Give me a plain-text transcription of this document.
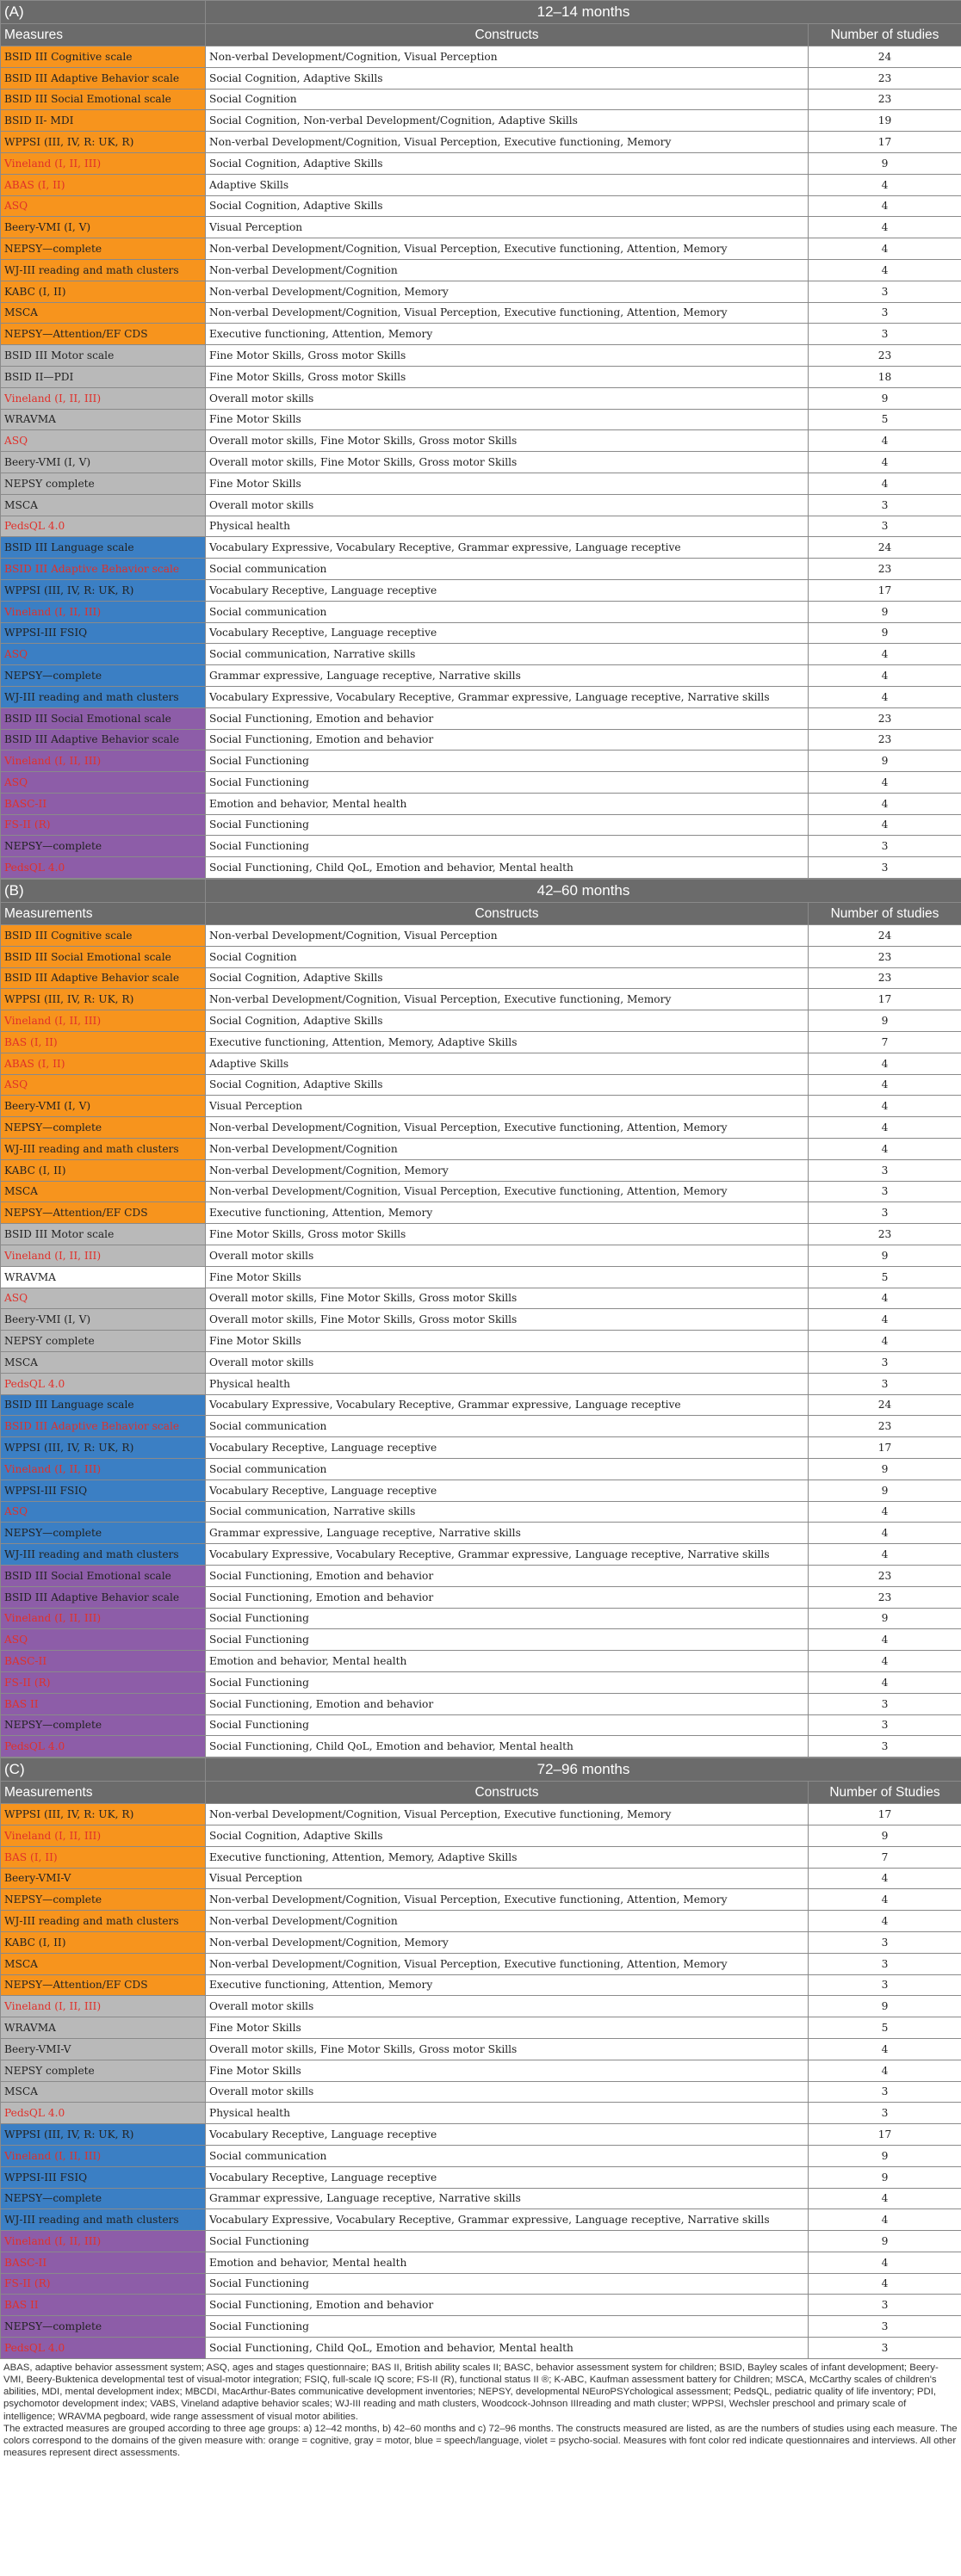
(A)	12–14 months	
Measures	Constructs	Number of studies
BSID III Cognitive scale	Non-verbal Development/Cognition, Visual Perception	24
BSID III Adaptive Behavior scale	Social Cognition, Adaptive Skills	23
BSID III Social Emotional scale	Social Cognition	23
BSID II- MDI	Social Cognition, Non-verbal Development/Cognition, Adaptive Skills	19
WPPSI (III, IV, R: UK, R)	Non-verbal Development/Cognition, Visual Perception, Executive functioning, Memory	17
Vineland (I, II, III)	Social Cognition, Adaptive Skills	9
ABAS (I, II)	Adaptive Skills	4
ASQ	Social Cognition, Adaptive Skills	4
Beery-VMI (I, V)	Visual Perception	4
NEPSY—complete	Non-verbal Development/Cognition, Visual Perception, Executive functioning, Attention, Memory	4
WJ-III reading and math clusters	Non-verbal Development/Cognition	4
KABC (I, II)	Non-verbal Development/Cognition, Memory	3
MSCA	Non-verbal Development/Cognition, Visual Perception, Executive functioning, Attention, Memory	3
NEPSY—Attention/EF CDS	Executive functioning, Attention, Memory	3
BSID III Motor scale	Fine Motor Skills, Gross motor Skills	23
BSID II—PDI	Fine Motor Skills, Gross motor Skills	18
Vineland (I, II, III)	Overall motor skills	9
WRAVMA	Fine Motor Skills	5
ASQ	Overall motor skills, Fine Motor Skills, Gross motor Skills	4
Beery-VMI (I, V)	Overall motor skills, Fine Motor Skills, Gross motor Skills	4
NEPSY complete	Fine Motor Skills	4
MSCA	Overall motor skills	3
PedsQL 4.0	Physical health	3
BSID III Language scale	Vocabulary Expressive, Vocabulary Receptive, Grammar expressive, Language receptive	24
BSID III Adaptive Behavior scale	Social communication	23
WPPSI (III, IV, R: UK, R)	Vocabulary Receptive, Language receptive	17
Vineland (I, II, III)	Social communication	9
WPPSI-III FSIQ	Vocabulary Receptive, Language receptive	9
ASQ	Social communication, Narrative skills	4
NEPSY—complete	Grammar expressive, Language receptive, Narrative skills	4
WJ-III reading and math clusters	Vocabulary Expressive, Vocabulary Receptive, Grammar expressive, Language receptive, Narrative skills	4
BSID III Social Emotional scale	Social Functioning, Emotion and behavior	23
BSID III Adaptive Behavior scale	Social Functioning, Emotion and behavior	23
Vineland (I, II, III)	Social Functioning	9
ASQ	Social Functioning	4
BASC-II	Emotion and behavior, Mental health	4
FS-II (R)	Social Functioning	4
NEPSY—complete	Social Functioning	3
PedsQL 4.0	Social Functioning, Child QoL, Emotion and behavior, Mental health	3
(B)	42–60 months	
Measurements	Constructs	Number of studies
BSID III Cognitive scale	Non-verbal Development/Cognition, Visual Perception	24
BSID III Social Emotional scale	Social Cognition	23
BSID III Adaptive Behavior scale	Social Cognition, Adaptive Skills	23
WPPSI (III, IV, R: UK, R)	Non-verbal Development/Cognition, Visual Perception, Executive functioning, Memory	17
Vineland (I, II, III)	Social Cognition, Adaptive Skills	9
BAS (I, II)	Executive functioning, Attention, Memory, Adaptive Skills	7
ABAS (I, II)	Adaptive Skills	4
ASQ	Social Cognition, Adaptive Skills	4
Beery-VMI (I, V)	Visual Perception	4
NEPSY—complete	Non-verbal Development/Cognition, Visual Perception, Executive functioning, Attention, Memory	4
WJ-III reading and math clusters	Non-verbal Development/Cognition	4
KABC (I, II)	Non-verbal Development/Cognition, Memory	3
MSCA	Non-verbal Development/Cognition, Visual Perception, Executive functioning, Attention, Memory	3
NEPSY—Attention/EF CDS	Executive functioning, Attention, Memory	3
BSID III Motor scale	Fine Motor Skills, Gross motor Skills	23
Vineland (I, II, III)	Overall motor skills	9
WRAVMA	Fine Motor Skills	5
ASQ	Overall motor skills, Fine Motor Skills, Gross motor Skills	4
Beery-VMI (I, V)	Overall motor skills, Fine Motor Skills, Gross motor Skills	4
NEPSY complete	Fine Motor Skills	4
MSCA	Overall motor skills	3
PedsQL 4.0	Physical health	3
BSID III Language scale	Vocabulary Expressive, Vocabulary Receptive, Grammar expressive, Language receptive	24
BSID III Adaptive Behavior scale	Social communication	23
WPPSI (III, IV, R: UK, R)	Vocabulary Receptive, Language receptive	17
Vineland (I, II, III)	Social communication	9
WPPSI-III FSIQ	Vocabulary Receptive, Language receptive	9
ASQ	Social communication, Narrative skills	4
NEPSY—complete	Grammar expressive, Language receptive, Narrative skills	4
WJ-III reading and math clusters	Vocabulary Expressive, Vocabulary Receptive, Grammar expressive, Language receptive, Narrative skills	4
BSID III Social Emotional scale	Social Functioning, Emotion and behavior	23
BSID III Adaptive Behavior scale	Social Functioning, Emotion and behavior	23
Vineland (I, II, III)	Social Functioning	9
ASQ	Social Functioning	4
BASC-II	Emotion and behavior, Mental health	4
FS-II (R)	Social Functioning	4
BAS II	Social Functioning, Emotion and behavior	3
NEPSY—complete	Social Functioning	3
PedsQL 4.0	Social Functioning, Child QoL, Emotion and behavior, Mental health	3
(C)	72–96 months	
Measurements	Constructs	Number of Studies
WPPSI (III, IV, R: UK, R)	Non-verbal Development/Cognition, Visual Perception, Executive functioning, Memory	17
Vineland (I, II, III)	Social Cognition, Adaptive Skills	9
BAS (I, II)	Executive functioning, Attention, Memory, Adaptive Skills	7
Beery-VMI-V	Visual Perception	4
NEPSY—complete	Non-verbal Development/Cognition, Visual Perception, Executive functioning, Attention, Memory	4
WJ-III reading and math clusters	Non-verbal Development/Cognition	4
KABC (I, II)	Non-verbal Development/Cognition, Memory	3
MSCA	Non-verbal Development/Cognition, Visual Perception, Executive functioning, Attention, Memory	3
NEPSY—Attention/EF CDS	Executive functioning, Attention, Memory	3
Vineland (I, II, III)	Overall motor skills	9
WRAVMA	Fine Motor Skills	5
Beery-VMI-V	Overall motor skills, Fine Motor Skills, Gross motor Skills	4
NEPSY complete	Fine Motor Skills	4
MSCA	Overall motor skills	3
PedsQL 4.0	Physical health	3
WPPSI (III, IV, R: UK, R)	Vocabulary Receptive, Language receptive	17
Vineland (I, II, III)	Social communication	9
WPPSI-III FSIQ	Vocabulary Receptive, Language receptive	9
NEPSY—complete	Grammar expressive, Language receptive, Narrative skills	4
WJ-III reading and math clusters	Vocabulary Expressive, Vocabulary Receptive, Grammar expressive, Language receptive, Narrative skills	4
Vineland (I, II, III)	Social Functioning	9
BASC-II	Emotion and behavior, Mental health	4
FS-II (R)	Social Functioning	4
BAS II	Social Functioning, Emotion and behavior	3
NEPSY—complete	Social Functioning	3
PedsQL 4.0	Social Functioning, Child QoL, Emotion and behavior, Mental health	3

ABAS, adaptive behavior assessment system; ASQ, ages and stages questionnaire; BAS II, British ability scales II; BASC, behavior assessment system for children; BSID, Bayley scales of infant development; Beery-VMI, Beery-Buktenica developmental test of visual-motor integration; FSIQ, full-scale IQ score; FS-II (R), functional status II ®; K-ABC, Kaufman assessment battery for Children; MSCA, McCarthy scales of children's abilities, MDI, mental development index; MBCDI, MacArthur-Bates communicative development inventories; NEPSY, developmental NEuroPSYchological assessment; PedsQL, pediatric quality of life inventory; PDI, psychomotor development index; VABS, Vineland adaptive behavior scales; WJ-III reading and math clusters, Woodcock-Johnson IIIreading and math cluster; WPPSI, Wechsler preschool and primary scale of intelligence; WRAVMA pegboard, wide range assessment of visual motor abilities.

The extracted measures are grouped according to three age groups: a) 12–42 months, b) 42–60 months and c) 72–96 months. The constructs measured are listed, as are the numbers of studies using each measure. The colors correspond to the domains of the given measure with: orange = cognitive, gray = motor, blue = speech/language, violet = psycho-social. Measures with font color red indicate questionnaires and interviews. All other measures represent direct assessments.
